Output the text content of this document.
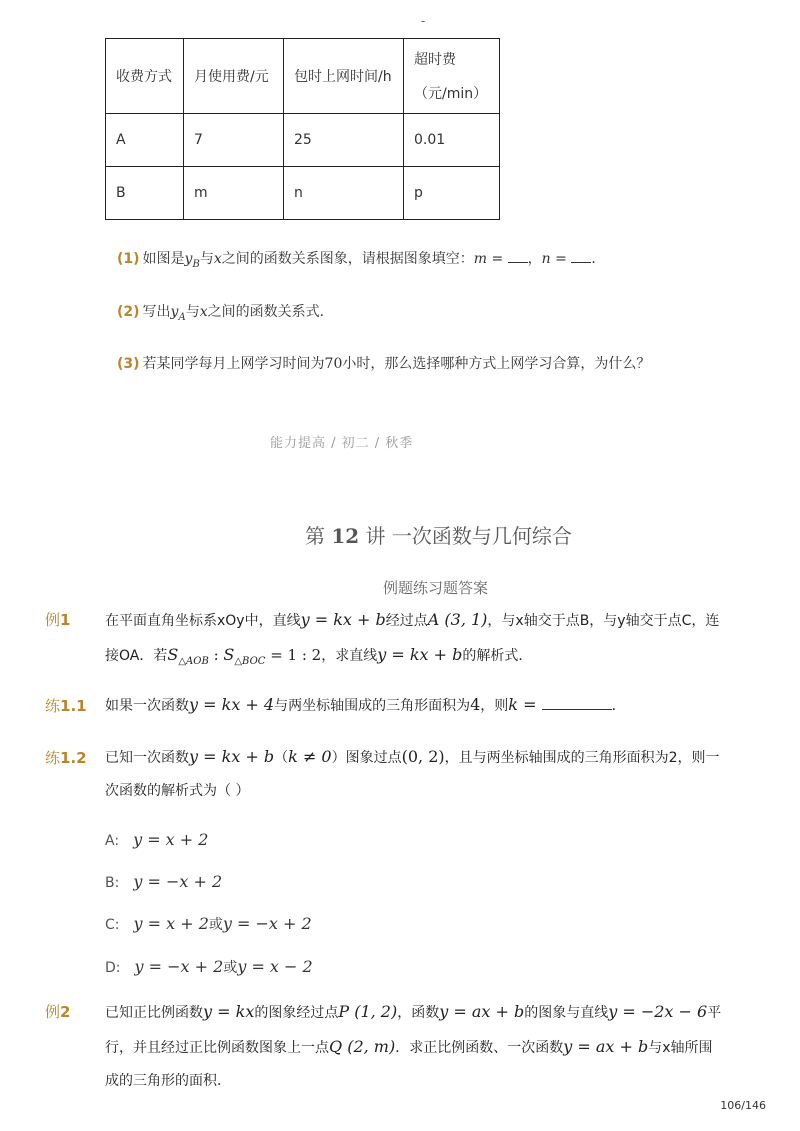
-
收费方式	月使用费/元	包时上网时间/h	超时费
（元/min）

A	7	25	0.01
B	m	n	p
(1) 如图是$y_B$与x之间的函数关系图象，请根据图象填空：m = ，n = ．
(2) 写出$y_A$与x之间的函数关系式．
(3) 若某同学每月上网学习时间为70小时，那么选择哪种方式上网学习合算，为什么？
能力提高 / 初二 / 秋季
第 12 讲 一次函数与几何综合
例题练习题答案
例1 在平面直角坐标系xOy中，直线y = kx + b经过点A (3, 1)，与x轴交于点B，与y轴交于点C，连
接OA．若$S_{\triangle AOB}$ : $S_{\triangle BOC} = 1$ : 2，求直线y = kx + b的解析式．
练1.1 如果一次函数y = kx + 4与两坐标轴围成的三角形面积为4，则k =	．
练1.2 已知一次函数y = kx + b（k ≠ 0）图象过点(0, 2)，且与两坐标轴围成的三角形面积为2，则一
次函数的解析式为（ ）
A: y = x + 2
B: y = −x + 2
C: y = x + 2或y = −x + 2
D: y = −x + 2或y = x − 2
例2 已知正比例函数y = kx的图象经过点P (1, 2)，函数y = ax + b的图象与直线y = −2x − 6平
行，并且经过正比例函数图象上一点Q (2, m)．求正比例函数、一次函数y = ax + b与x轴所围
成的三角形的面积．
106/146
